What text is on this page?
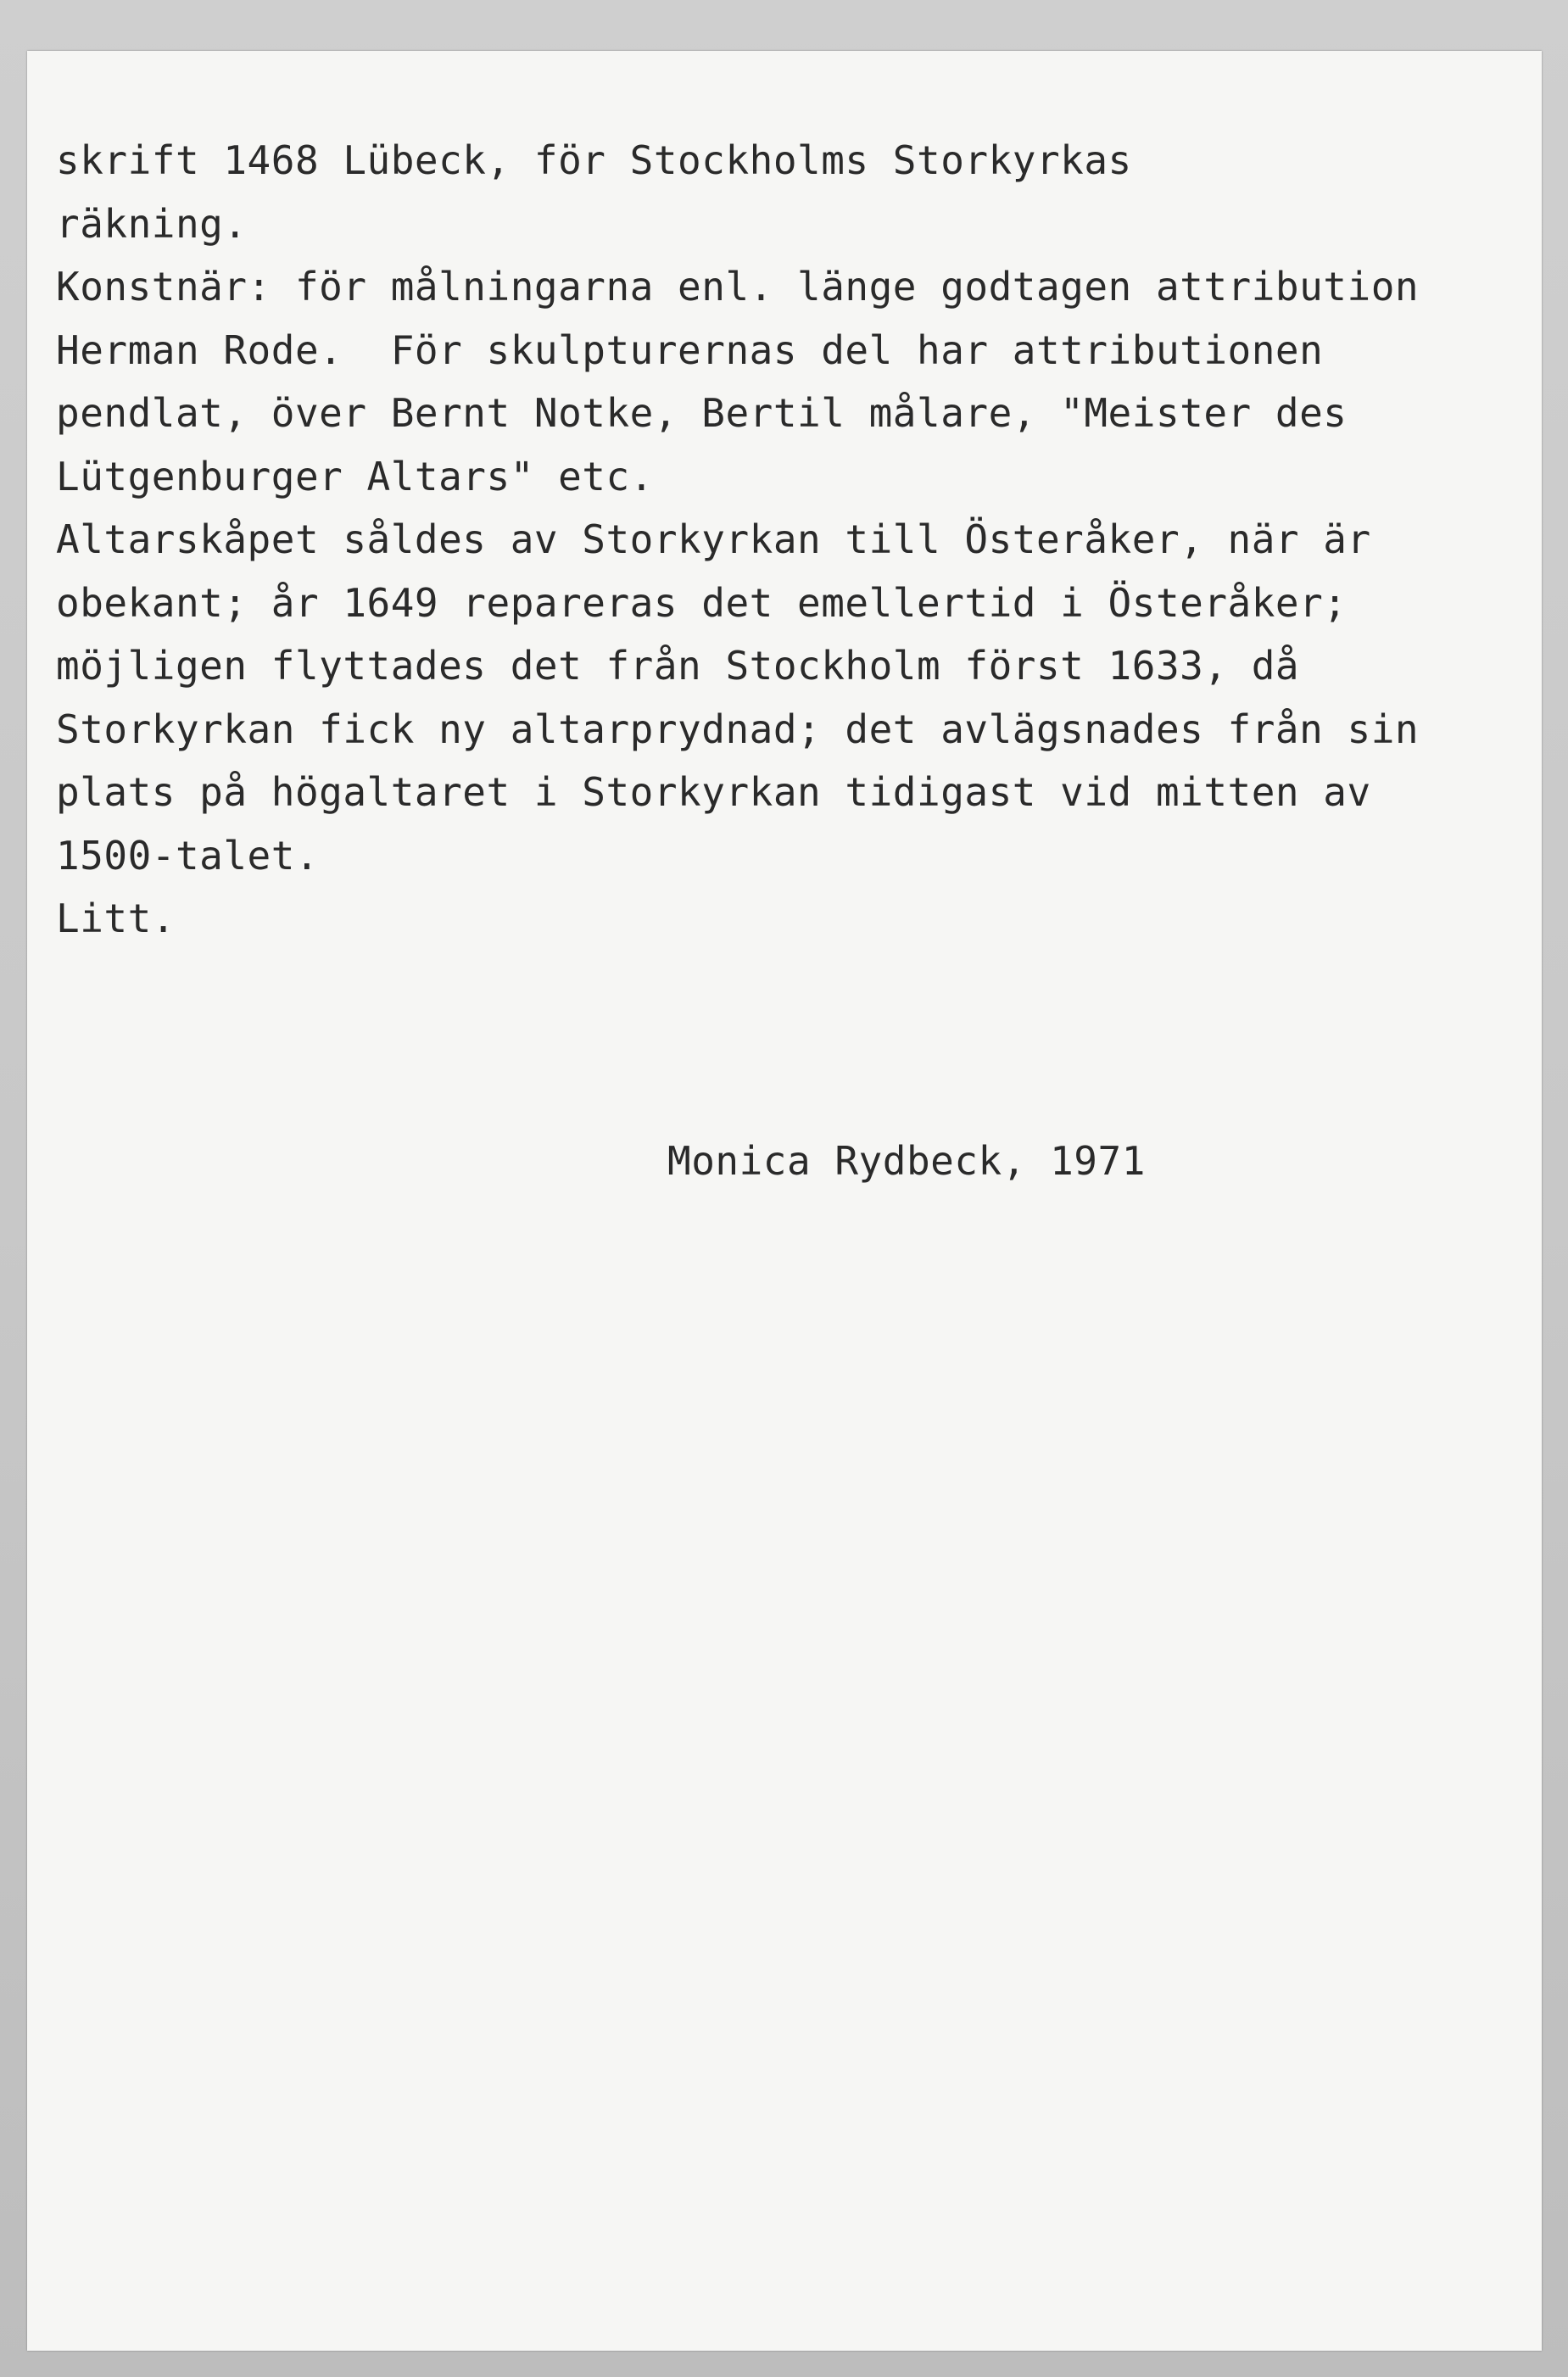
skrift 1468 Lübeck, för Stockholms Storkyrkas
räkning.
Konstnär: för målningarna enl. länge godtagen attribution
Herman Rode.  För skulpturernas del har attributionen
pendlat, över Bernt Notke, Bertil målare, "Meister des
Lütgenburger Altars" etc.
Altarskåpet såldes av Storkyrkan till Österåker, när är
obekant; år 1649 repareras det emellertid i Österåker;
möjligen flyttades det från Stockholm först 1633, då
Storkyrkan fick ny altarprydnad; det avlägsnades från sin
plats på högaltaret i Storkyrkan tidigast vid mitten av
1500-talet.
Litt.
Monica Rydbeck, 1971
